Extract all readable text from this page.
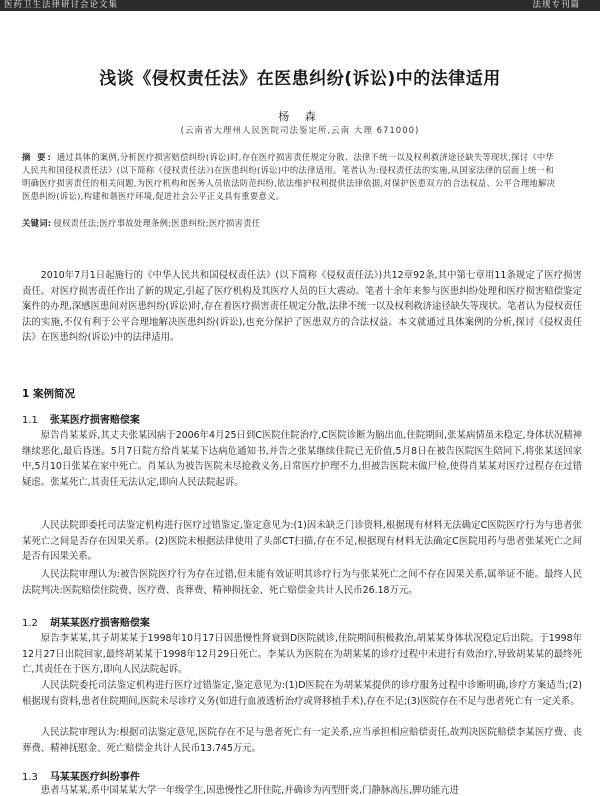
医药卫生法律研讨会论文集	法规专刊篇
浅谈《侵权责任法》在医患纠纷(诉讼)中的法律适用
杨 森
(云南省大理州人民医院司法鉴定所,云南 大理 671000)
摘 要: 通过具体的案例,分析医疗损害赔偿纠纷(诉讼)时,存在医疗损害责任规定分散、法律不统一以及权利救济途径缺失等现状,探讨《中华人民共和国侵权责任法》(以下简称《侵权责任法》)在医患纠纷(诉讼)中的法律适用。笔者认为:侵权责任法的实施,从国家法律的层面上统一和明确医疗损害责任的相关问题,为医疗机构和医务人员依法防范纠纷,依法维护权利提供法律依据,对保护医患双方的合法权益、公平合理地解决医患纠纷(诉讼),构建和谐医疗环境,促进社会公平正义具有重要意义。
关键词: 侵权责任法;医疗事故处理条例;医患纠纷;医疗损害责任

2010年7月1日起施行的《中华人民共和国侵权责任法》(以下简称《侵权责任法》)共12章92条,其中第七章用11条规定了医疗损害责任。对医疗损害责任作出了新的规定,引起了医疗机构及其医疗人员的巨大震动。笔者十余年来参与医患纠纷处理和医疗损害赔偿鉴定案件的办理,深感医患间对医患纠纷(诉讼)时,存在着医疗损害责任规定分散,法律不统一以及权利救济途径缺失等现状。笔者认为侵权责任法的实施,不仅有利于公平合理地解决医患纠纷(诉讼),也充分保护了医患双方的合法权益。本文就通过具体案例的分析,探讨《侵权责任法》在医患纠纷(诉讼)中的法律适用。

1 案例简况
1.1 张某医疗损害赔偿案

原告肖某某诉,其丈夫张某因病于2006年4月25日到C医院住院治疗,C医院诊断为脑出血,住院期间,张某病情虽未稳定,身体状况精神继续恶化,最后昏迷。5月7日院方给肖某某下达病危通知书,并告之张某继续住院已无价值,5月8日在被告医院医生陪同下,将张某送回家中,5月10日张某在家中死亡。肖某认为被告医院未尽抢救义务,日常医疗护理不力,但被告医院未做尸检,使得肖某某对医疗过程存在过错疑虑。张某死亡,其责任无法认定,即向人民法院起诉。

人民法院即委托司法鉴定机构进行医疗过错鉴定,鉴定意见为:(1)因未缺乏门诊资料,根据现有材料无法确定C医院医疗行为与患者张某死亡之间是否存在因果关系。(2)医院未根据法律使用了头部CT扫描,存在不足,根据现有材料无法确定C医院用药与患者张某死亡之间是否有因果关系。

人民法院审理认为:被告医院医疗行为存在过错,但未能有效证明其诊疗行为与张某死亡之间不存在因果关系,属举证不能。最终人民法院判决:医院赔偿住院费、医疗费、丧葬费、精神损抚金、死亡赔偿金共计人民币26.18万元。

1.2 胡某某医疗损害赔偿案

原告李某某,其子胡某某于1998年10月17日因患慢性肾衰到D医院就诊,住院期间积极救治,胡某某身体状况稳定后出院。于1998年12月27日出院回家,最终胡某某于1998年12月29日死亡。李某认为医院在为胡某某的诊疗过程中未进行有效治疗,导致胡某某的最终死亡,其责任在于医方,即向人民法院起诉。

人民法院委托司法鉴定机构进行医疗过错鉴定,鉴定意见为:(1)D医院在为胡某某提供的诊疗服务过程中诊断明确,诊疗方案适当;(2)根据现有资料,患者住院期间,医院未尽诊疗义务(如进行血液透析治疗或肾移植手术),存在不足;(3)医院存在不足与患者死亡有一定关系。

人民法院审理认为:根据司法鉴定意见,医院存在不足与患者死亡有一定关系,应当承担相应赔偿责任,故判决医院赔偿李某医疗费、丧葬费、精神抚慰金、死亡赔偿金共计人民币13.745万元。

1.3 马某某医疗纠纷事件

患者马某某,系中国某某大学一年级学生,因患慢性乙肝住院,并确诊为丙型肝炎,门静脉高压,脾功能亢进
